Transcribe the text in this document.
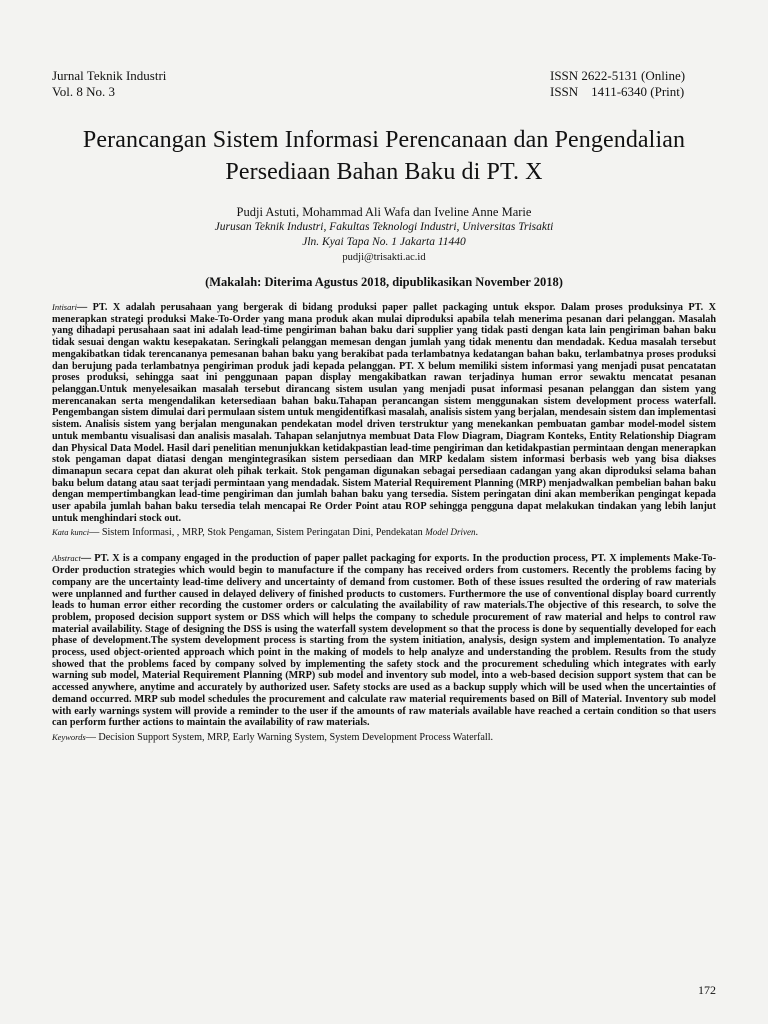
Jurnal Teknik Industri
Vol. 8 No. 3
ISSN 2622-5131 (Online)
ISSN    1411-6340 (Print)
Perancangan Sistem Informasi Perencanaan dan Pengendalian Persediaan Bahan Baku di PT. X
Pudji Astuti, Mohammad Ali Wafa dan Iveline Anne Marie
Jurusan Teknik Industri, Fakultas Teknologi Industri, Universitas Trisakti
Jln. Kyai Tapa No. 1 Jakarta 11440
pudji@trisakti.ac.id
(Makalah: Diterima Agustus 2018, dipublikasikan November 2018)
Intisari— PT. X adalah perusahaan yang bergerak di bidang produksi paper pallet packaging untuk ekspor. Dalam proses produksinya PT. X menerapkan strategi produksi Make-To-Order yang mana produk akan mulai diproduksi apabila telah menerima pesanan dari pelanggan. Masalah yang dihadapi perusahaan saat ini adalah lead-time pengiriman bahan baku dari supplier yang tidak pasti dengan kata lain pengiriman bahan baku tidak sesuai dengan waktu kesepakatan. Seringkali pelanggan memesan dengan jumlah yang tidak menentu dan mendadak. Kedua masalah tersebut mengakibatkan tidak terencananya pemesanan bahan baku yang berakibat pada terlambatnya kedatangan bahan baku, terlambatnya proses produksi dan berujung pada terlambatnya pengiriman produk jadi kepada pelanggan. PT. X belum memiliki sistem informasi yang menjadi pusat pencatatan proses produksi, sehingga saat ini penggunaan papan display mengakibatkan rawan terjadinya human error sewaktu mencatat pesanan pelanggan.Untuk menyelesaikan masalah tersebut dirancang sistem usulan yang menjadi pusat informasi pesanan pelanggan dan sistem yang merencanakan serta mengendalikan ketersediaan bahan baku.Tahapan perancangan sistem menggunakan sistem development process waterfall. Pengembangan sistem dimulai dari permulaan sistem untuk mengidentifkasi masalah, analisis sistem yang berjalan, mendesain sistem dan implementasi sistem. Analisis sistem yang berjalan mengunakan pendekatan model driven terstruktur yang menekankan pembuatan gambar model-model sistem untuk membantu visualisasi dan analisis masalah. Tahapan selanjutnya membuat Data Flow Diagram, Diagram Konteks, Entity Relationship Diagram dan Physical Data Model. Hasil dari penelitian menunjukkan ketidakpastian lead-time pengiriman dan ketidakpastian permintaan dengan menerapkan stok pengaman dapat diatasi dengan mengintegrasikan sistem persediaan dan MRP kedalam sistem informasi berbasis web yang bisa diakses dimanapun secara cepat dan akurat oleh pihak terkait. Stok pengaman digunakan sebagai persediaan cadangan yang akan diproduksi selama bahan baku belum datang atau saat terjadi permintaan yang mendadak. Sistem Material Requirement Planning (MRP) menjadwalkan pembelian bahan baku dengan mempertimbangkan lead-time pengiriman dan jumlah bahan baku yang tersedia. Sistem peringatan dini akan memberikan pengingat kepada user apabila jumlah bahan baku tersedia telah mencapai Re Order Point atau ROP sehingga pengguna dapat melakukan tindakan yang lebih lanjut untuk menghindari stock out.
Kata kunci— Sistem Informasi, , MRP, Stok Pengaman, Sistem Peringatan Dini, Pendekatan Model Driven.
Abstract— PT. X is a company engaged in the production of paper pallet packaging for exports. In the production process, PT. X implements Make-To-Order production strategies which would begin to manufacture if the company has received orders from customers. Recently the problems facing by company are the uncertainty lead-time delivery and uncertainty of demand from customer. Both of these issues resulted the ordering of raw materials were unplanned and further caused in delayed delivery of finished products to customers. Furthermore the use of conventional display board currently leads to human error either recording the customer orders or calculating the availability of raw materials.The objective of this research, to solve the problem, proposed decision support system or DSS which will helps the company to schedule procurement of raw material and helps to control raw material availability. Stage of designing the DSS is using the waterfall system development so that the process is done by sequentially developed for each phase of development.The system development process is starting from the system initiation, analysis, design system and implementation. To analyze process, used object-oriented approach which point in the making of models to help analyze and understanding the problem. Results from the study showed that the problems faced by company solved by implementing the safety stock and the procurement scheduling which integrates with early warning sub model, Material Requirement Planning (MRP) sub model and inventory sub model, into a web-based decision support system that can be accessed anywhere, anytime and accurately by authorized user. Safety stocks are used as a backup supply which will be used when the uncertainties of demand occurred. MRP sub model schedules the procurement and calculate raw material requirements based on Bill of Material. Inventory sub model with early warnings system will provide a reminder to the user if the amounts of raw materials available have reached a certain condition so that users can perform further actions to maintain the availability of raw materials.
Keywords— Decision Support System, MRP, Early Warning System, System Development Process Waterfall.
172
